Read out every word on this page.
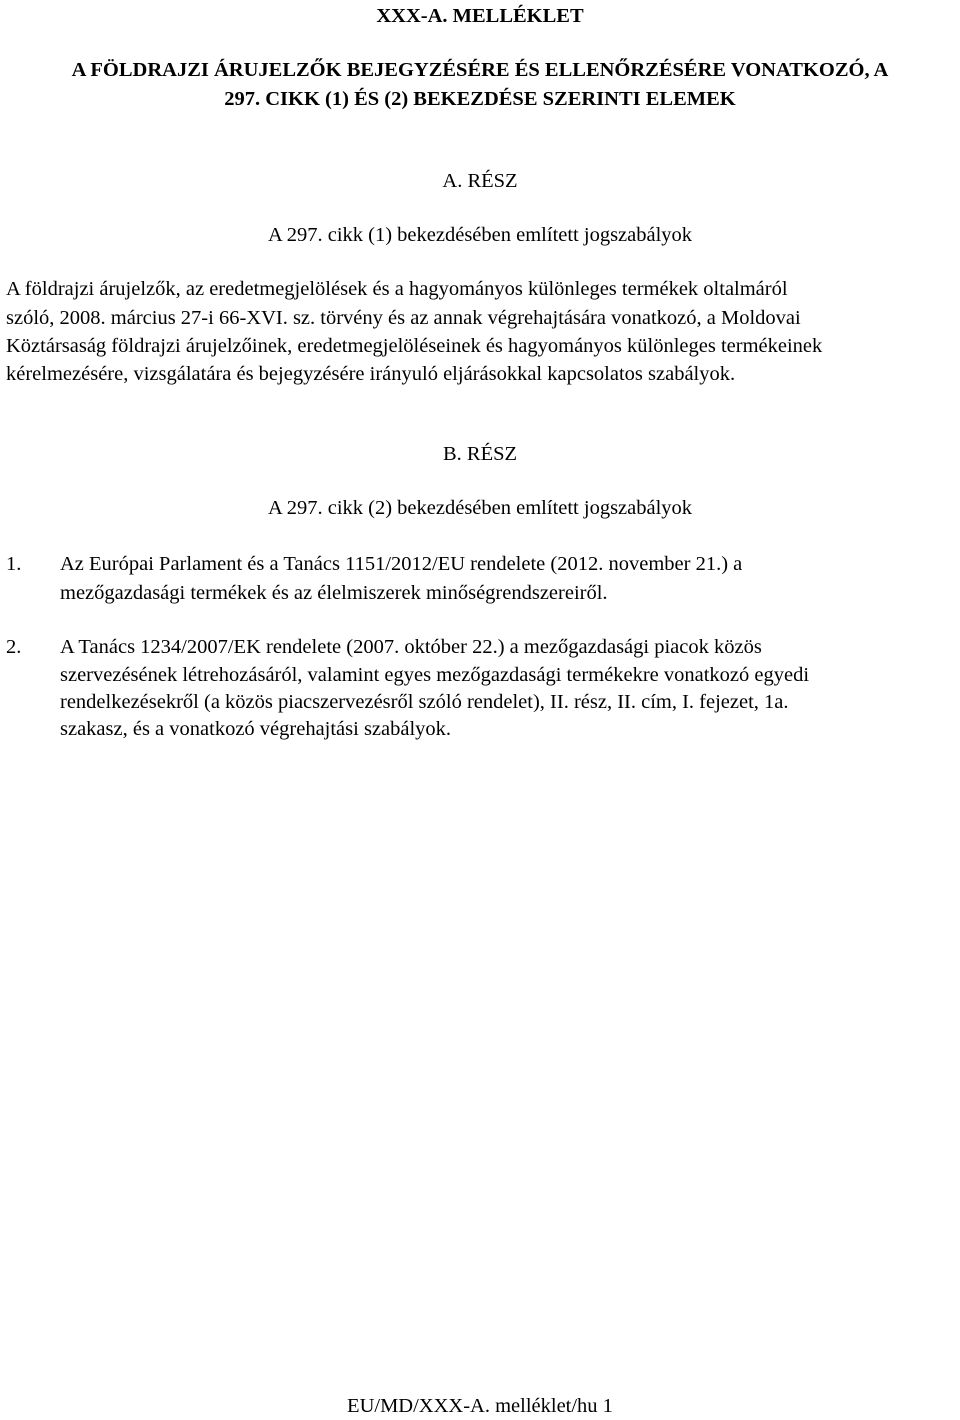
XXX-A. MELLÉKLET

A FÖLDRAJZI ÁRUJELZŐK BEJEGYZÉSÉRE ÉS ELLENŐRZÉSÉRE VONATKOZÓ, A

297. CIKK (1) ÉS (2) BEKEZDÉSE SZERINTI ELEMEK

A. RÉSZ

A 297. cikk (1) bekezdésében említett jogszabályok

A földrajzi árujelzők, az eredetmegjelölések és a hagyományos különleges termékek oltalmáról

szóló, 2008. március 27-i 66-XVI. sz. törvény és az annak végrehajtására vonatkozó, a Moldovai

Köztársaság földrajzi árujelzőinek, eredetmegjelöléseinek és hagyományos különleges termékeinek

kérelmezésére, vizsgálatára és bejegyzésére irányuló eljárásokkal kapcsolatos szabályok.

B. RÉSZ

A 297. cikk (2) bekezdésében említett jogszabályok

1. Az Európai Parlament és a Tanács 1151/2012/EU rendelete (2012. november 21.) a

mezőgazdasági termékek és az élelmiszerek minőségrendszereiről.

2. A Tanács 1234/2007/EK rendelete (2007. október 22.) a mezőgazdasági piacok közös

szervezésének létrehozásáról, valamint egyes mezőgazdasági termékekre vonatkozó egyedi

rendelkezésekről (a közös piacszervezésről szóló rendelet), II. rész, II. cím, I. fejezet, 1a.

szakasz, és a vonatkozó végrehajtási szabályok.

EU/MD/XXX-A. melléklet/hu 1
